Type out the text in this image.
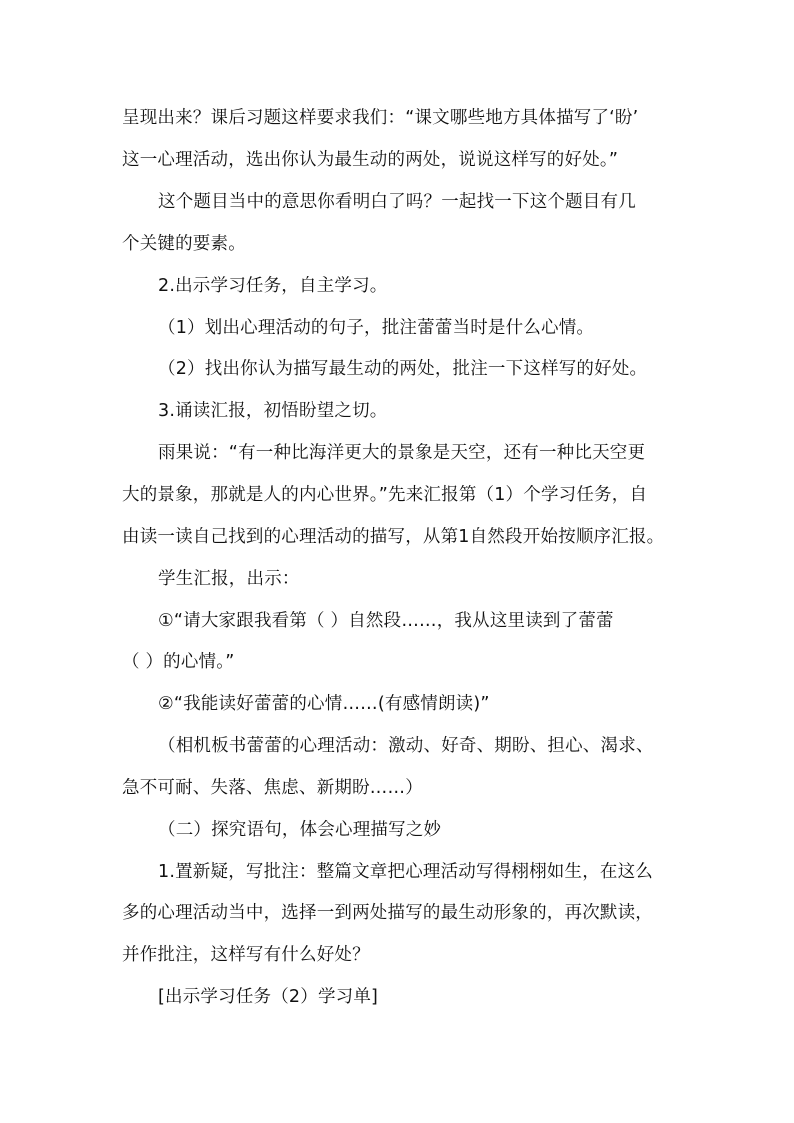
呈现出来？课后习题这样要求我们：“课文哪些地方具体描写了‘盼’
这一心理活动，选出你认为最生动的两处，说说这样写的好处。”
这个题目当中的意思你看明白了吗？一起找一下这个题目有几
个关键的要素。
2.出示学习任务，自主学习。
（1）划出心理活动的句子，批注蕾蕾当时是什么心情。
（2）找出你认为描写最生动的两处，批注一下这样写的好处。
3.诵读汇报，初悟盼望之切。
雨果说：“有一种比海洋更大的景象是天空，还有一种比天空更
大的景象，那就是人的内心世界。”先来汇报第（1）个学习任务，自
由读一读自己找到的心理活动的描写，从第1自然段开始按顺序汇报。
学生汇报，出示：
①“请大家跟我看第（ ）自然段……，我从这里读到了蕾蕾
（ ）的心情。”
②“我能读好蕾蕾的心情……(有感情朗读)”
（相机板书蕾蕾的心理活动：激动、好奇、期盼、担心、渴求、
急不可耐、失落、焦虑、新期盼……）
（二）探究语句，体会心理描写之妙
1.置新疑，写批注：整篇文章把心理活动写得栩栩如生，在这么
多的心理活动当中，选择一到两处描写的最生动形象的，再次默读，
并作批注，这样写有什么好处？
[出示学习任务（2）学习单]
